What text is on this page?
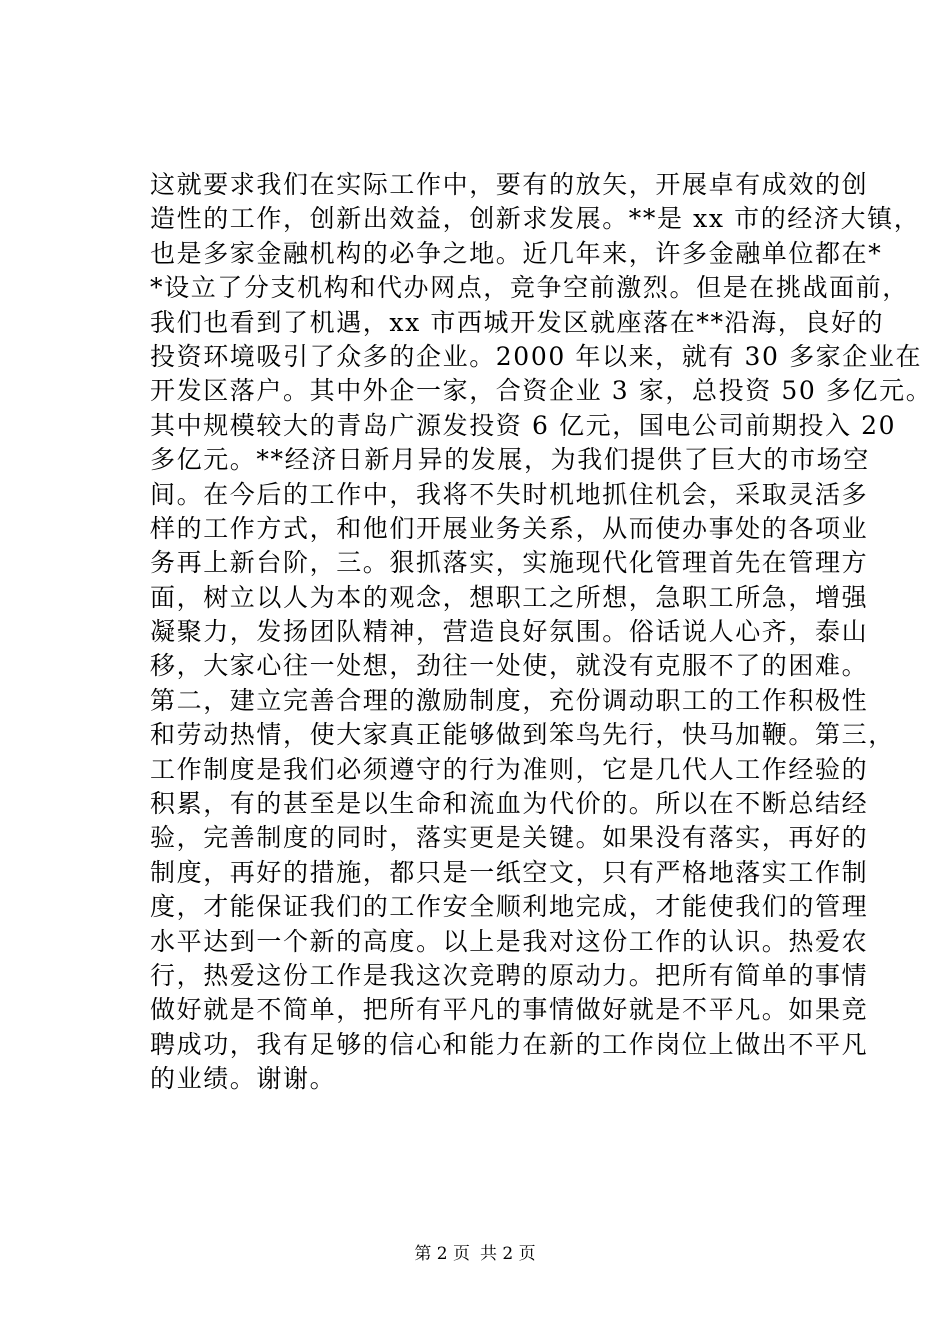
这就要求我们在实际工作中，要有的放矢，开展卓有成效的创
造性的工作，创新出效益，创新求发展。**是 xx 市的经济大镇，
也是多家金融机构的必争之地。近几年来，许多金融单位都在*
*设立了分支机构和代办网点，竞争空前激烈。但是在挑战面前，
我们也看到了机遇，xx 市西城开发区就座落在**沿海，良好的
投资环境吸引了众多的企业。2000 年以来，就有 30 多家企业在
开发区落户。其中外企一家，合资企业 3 家，总投资 50 多亿元。
其中规模较大的青岛广源发投资 6 亿元，国电公司前期投入 20
多亿元。**经济日新月异的发展，为我们提供了巨大的市场空
间。在今后的工作中，我将不失时机地抓住机会，采取灵活多
样的工作方式，和他们开展业务关系，从而使办事处的各项业
务再上新台阶，三。狠抓落实，实施现代化管理首先在管理方
面，树立以人为本的观念，想职工之所想，急职工所急，增强
凝聚力，发扬团队精神，营造良好氛围。俗话说人心齐，泰山
移，大家心往一处想，劲往一处使，就没有克服不了的困难。
第二，建立完善合理的激励制度，充份调动职工的工作积极性
和劳动热情，使大家真正能够做到笨鸟先行，快马加鞭。第三，
工作制度是我们必须遵守的行为准则，它是几代人工作经验的
积累，有的甚至是以生命和流血为代价的。所以在不断总结经
验，完善制度的同时，落实更是关键。如果没有落实，再好的
制度，再好的措施，都只是一纸空文，只有严格地落实工作制
度，才能保证我们的工作安全顺利地完成，才能使我们的管理
水平达到一个新的高度。以上是我对这份工作的认识。热爱农
行，热爱这份工作是我这次竞聘的原动力。把所有简单的事情
做好就是不简单，把所有平凡的事情做好就是不平凡。如果竞
聘成功，我有足够的信心和能力在新的工作岗位上做出不平凡
的业绩。谢谢。
第 2 页 共 2 页
